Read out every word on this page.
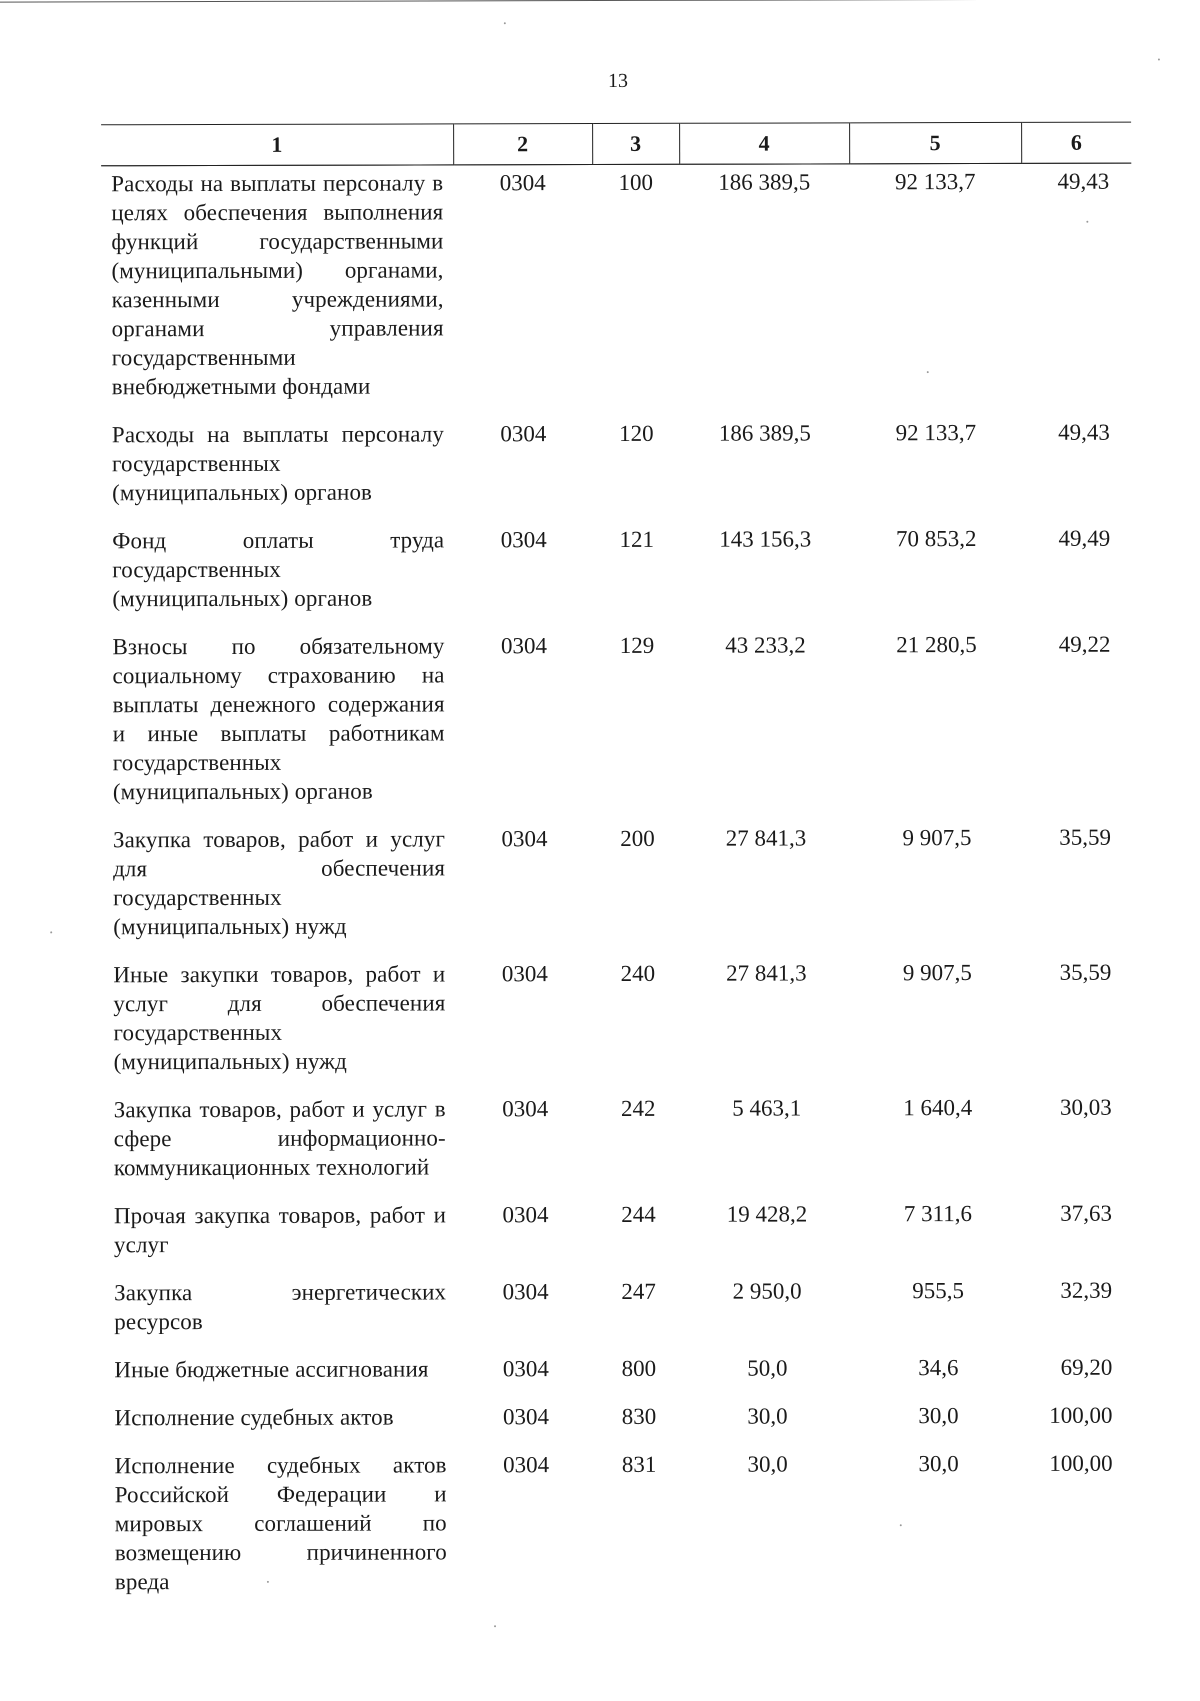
13
1	2	3	4	5	6
Расходы на выплаты персоналу в целях обеспечения выполнения функций государственными (муниципальными) органами, казенными учреждениями, органами управления государственными внебюджетными фондами	0304	100	186 389,5	92 133,7	49,43
Расходы на выплаты персоналу государственных (муниципальных) органов	0304	120	186 389,5	92 133,7	49,43
Фонд оплаты труда государственных (муниципальных) органов	0304	121	143 156,3	70 853,2	49,49
Взносы по обязательному социальному страхованию на выплаты денежного содержания и иные выплаты работникам государственных (муниципальных) органов	0304	129	43 233,2	21 280,5	49,22
Закупка товаров, работ и услуг для обеспечения государственных (муниципальных) нужд	0304	200	27 841,3	9 907,5	35,59
Иные закупки товаров, работ и услуг для обеспечения государственных (муниципальных) нужд	0304	240	27 841,3	9 907,5	35,59
Закупка товаров, работ и услуг в сфере информационно-коммуникационных технологий	0304	242	5 463,1	1 640,4	30,03
Прочая закупка товаров, работ и услуг	0304	244	19 428,2	7 311,6	37,63
Закупка энергетических ресурсов	0304	247	2 950,0	955,5	32,39
Иные бюджетные ассигнования	0304	800	50,0	34,6	69,20
Исполнение судебных актов	0304	830	30,0	30,0	100,00
Исполнение судебных актов Российской Федерации и мировых соглашений по возмещению причиненного вреда	0304	831	30,0	30,0	100,00
